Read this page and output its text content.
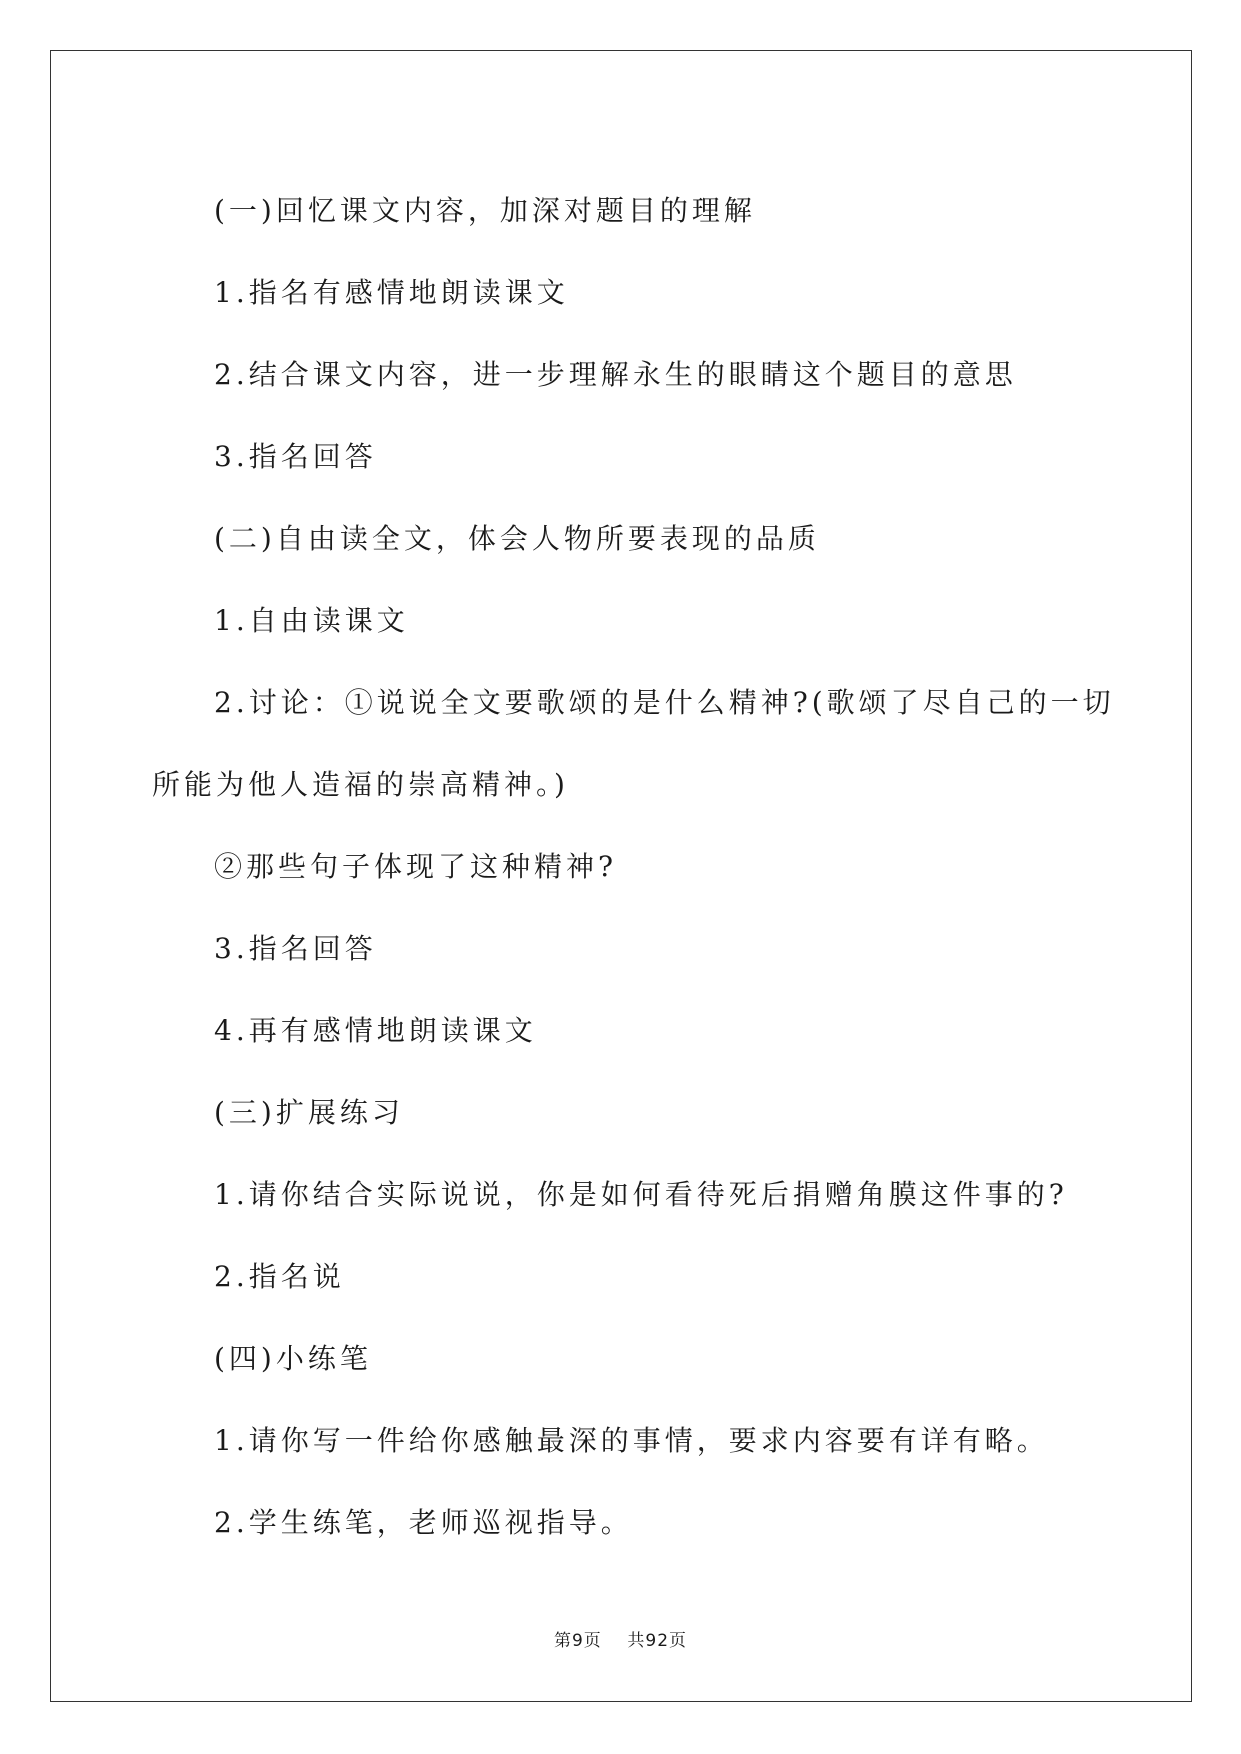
(一)回忆课文内容，加深对题目的理解

1.指名有感情地朗读课文

2.结合课文内容，进一步理解永生的眼睛这个题目的意思

3.指名回答

(二)自由读全文，体会人物所要表现的品质

1.自由读课文

2.讨论：①说说全文要歌颂的是什么精神?(歌颂了尽自己的一切

所能为他人造福的崇高精神。)

②那些句子体现了这种精神?

3.指名回答

4.再有感情地朗读课文

(三)扩展练习

1.请你结合实际说说，你是如何看待死后捐赠角膜这件事的?

2.指名说

(四)小练笔

1.请你写一件给你感触最深的事情，要求内容要有详有略。

2.学生练笔，老师巡视指导。

第9页 共92页
